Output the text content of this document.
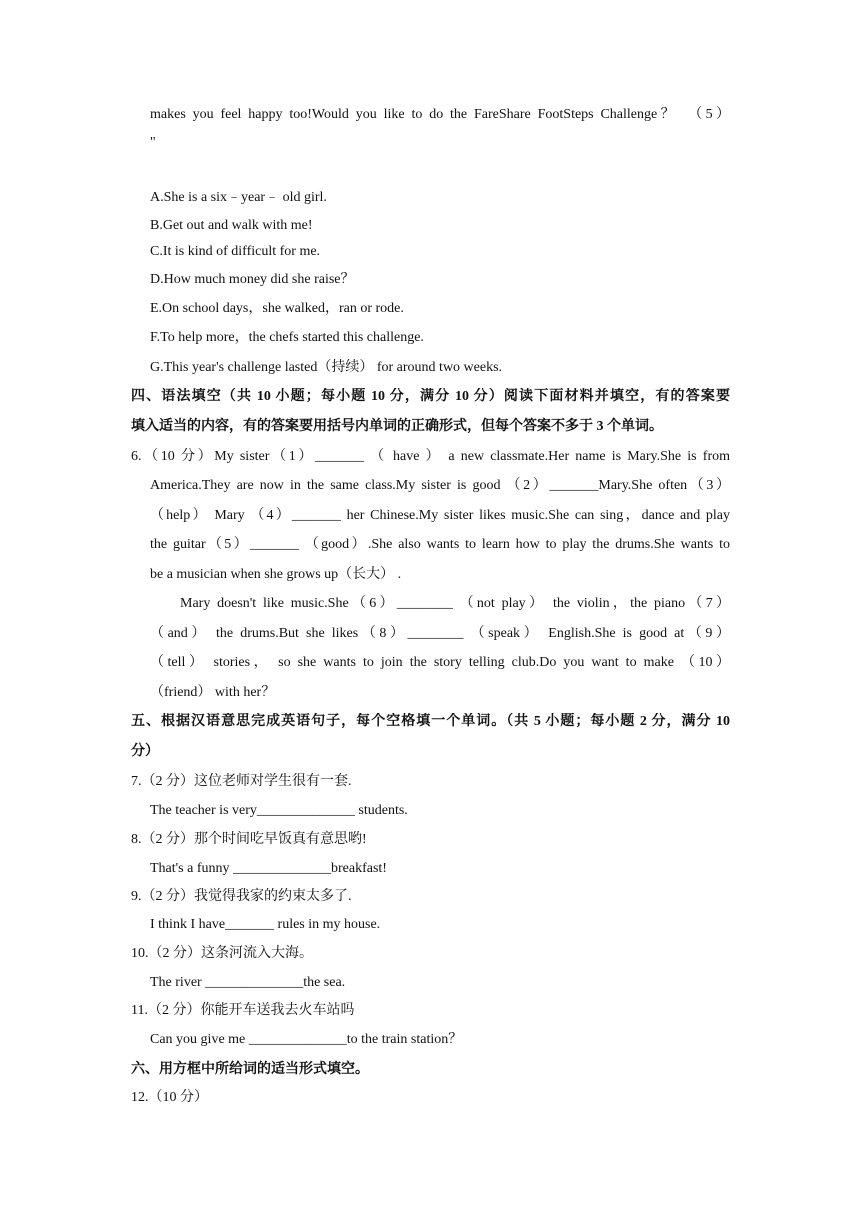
makes you feel happy too!Would you like to do the FareShare FootSteps Challenge？　（5）
"
A.She is a six﹣year﹣ old girl.
B.Get out and walk with me!
C.It is kind of difficult for me.
D.How much money did she raise？
E.On school days，she walked，ran or rode.
F.To help more，the chefs started this challenge.
G.This year's challenge lasted（持续） for around two weeks.
四、语法填空（共 10 小题；每小题 10 分，满分 10 分）阅读下面材料并填空，有的答案要
填入适当的内容，有的答案要用括号内单词的正确形式，但每个答案不多于 3 个单词。
6.（10 分）My sister（1）_______ （ have ） a new classmate.Her name is Mary.She is from
America.They are now in the same class.My sister is good （2）_______Mary.She often（3）
（help） Mary （4）_______ her Chinese.My sister likes music.She can sing，dance and play
the guitar（5）_______ （good）.She also wants to learn how to play the drums.She wants to
be a musician when she grows up（长大） .
Mary doesn't like music.She（6）________ （not play） the violin，the piano（7）
（and） the drums.But she likes（8）________ （speak） English.She is good at（9）
（tell） stories， so she wants to join the story telling club.Do you want to make （10）
（friend） with her？
五、根据汉语意思完成英语句子，每个空格填一个单词。（共 5 小题；每小题 2 分，满分 10
分）
7.（2 分）这位老师对学生很有一套.
The teacher is very______________ students.
8.（2 分）那个时间吃早饭真有意思哟!
That's a funny ______________breakfast!
9.（2 分）我觉得我家的约束太多了.
I think I have_______ rules in my house.
10.（2 分）这条河流入大海。
The river ______________the sea.
11.（2 分）你能开车送我去火车站吗
Can you give me ______________to the train station？
六、用方框中所给词的适当形式填空。
12.（10 分）
